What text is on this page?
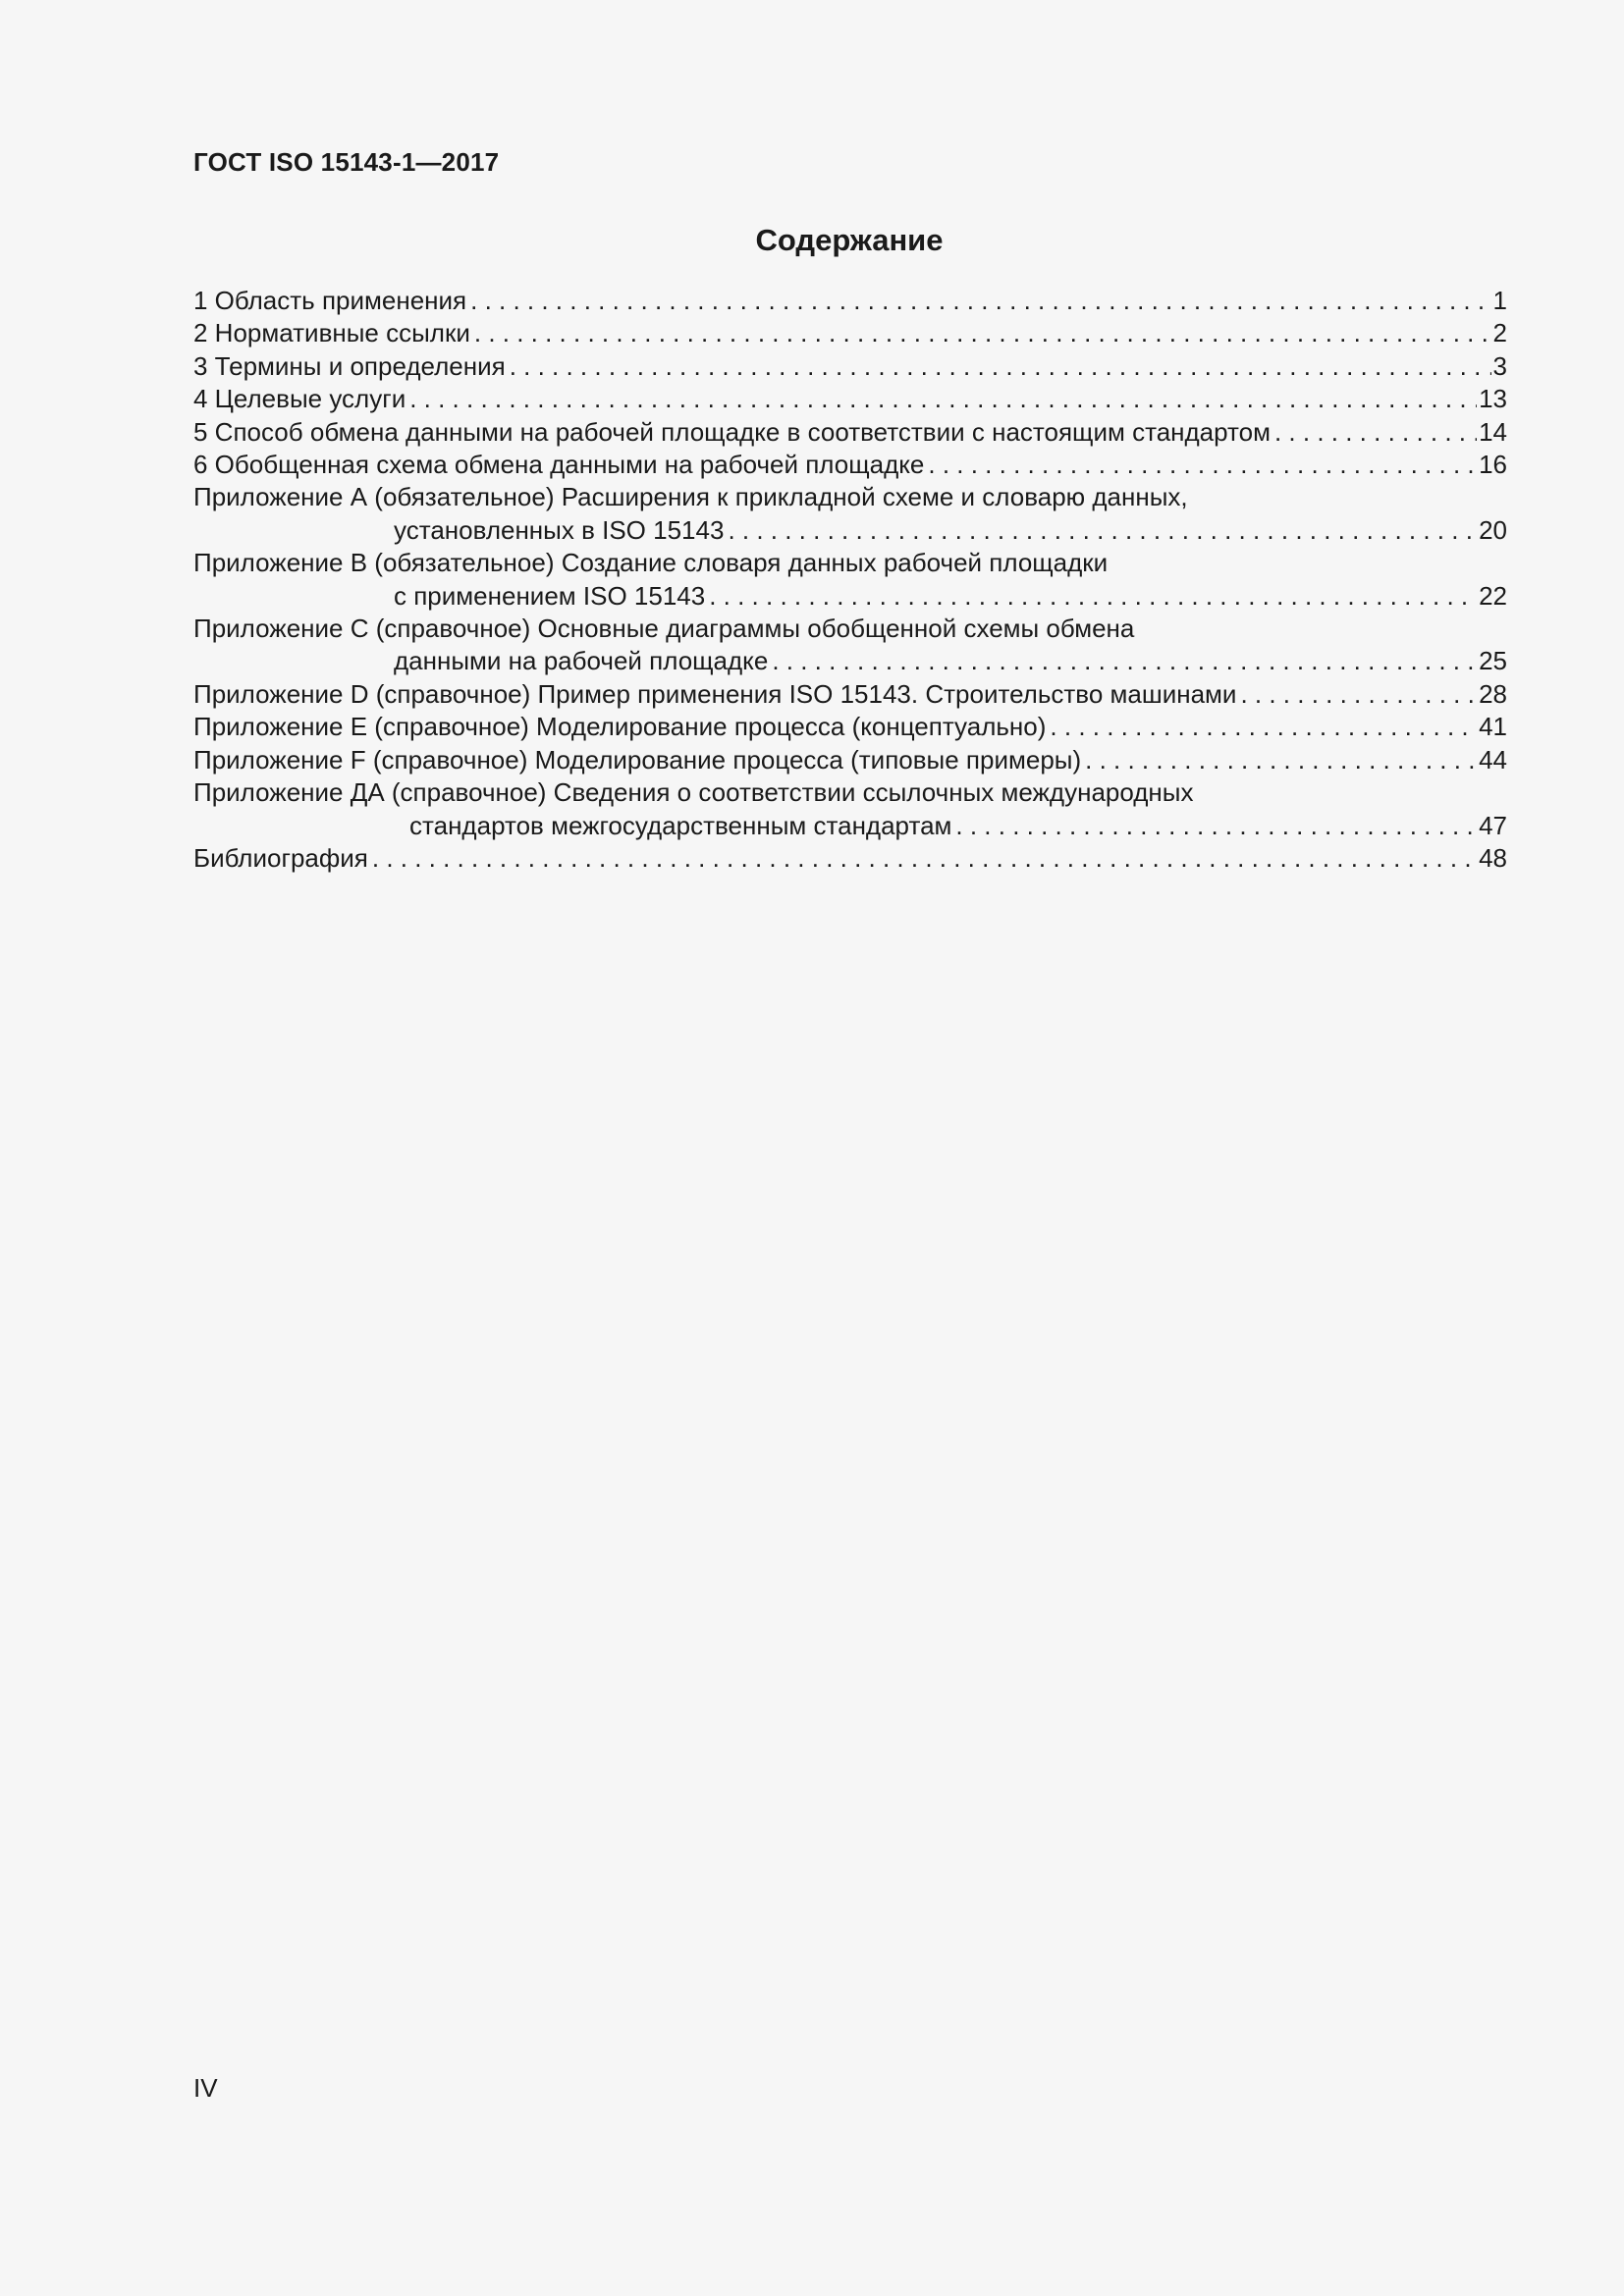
ГОСТ ISO 15143-1—2017
Содержание
1 Область применения . . .	1
2 Нормативные ссылки . . .	2
3 Термины и определения . . .	3
4 Целевые услуги . . .	13
5 Способ обмена данными на рабочей площадке в соответствии с настоящим стандартом . . .	14
6 Обобщенная схема обмена данными на рабочей площадке . . .	16
Приложение А (обязательное) Расширения к прикладной схеме и словарю данных,
установленных в ISO 15143 . . .	20
Приложение В (обязательное) Создание словаря данных рабочей площадки
с применением ISO 15143 . . .	22
Приложение С (справочное) Основные диаграммы обобщенной схемы обмена
данными на рабочей площадке . . .	25
Приложение D (справочное) Пример применения ISO 15143. Строительство машинами . . .	28
Приложение Е (справочное) Моделирование процесса (концептуально) . . .	41
Приложение F (справочное) Моделирование процесса (типовые примеры) . . .	44
Приложение ДА (справочное) Сведения о соответствии ссылочных международных
стандартов межгосударственным стандартам . . .	47
Библиография . . .	48
IV
